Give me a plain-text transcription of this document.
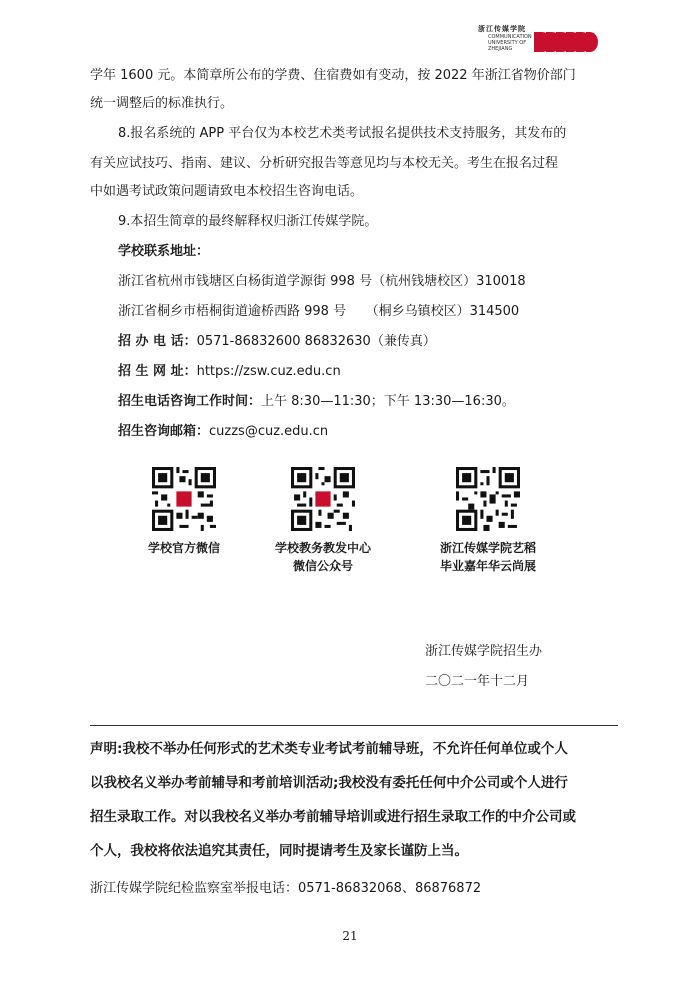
浙江传媒学院
COMMUNICATION UNIVERSITY OF ZHEJIANG
学年 1600 元。本简章所公布的学费、住宿费如有变动，按 2022 年浙江省物价部门
统一调整后的标准执行。
8.报名系统的 APP 平台仅为本校艺术类考试报名提供技术支持服务，其发布的
有关应试技巧、指南、建议、分析研究报告等意见均与本校无关。考生在报名过程
中如遇考试政策问题请致电本校招生咨询电话。
9.本招生简章的最终解释权归浙江传媒学院。
学校联系地址：
浙江省杭州市钱塘区白杨街道学源街 998 号（杭州钱塘校区）310018
浙江省桐乡市梧桐街道逾桥西路 998 号　　（桐乡乌镇校区）314500
招 办 电 话：0571-86832600 86832630（兼传真）
招 生 网 址：https://zsw.cuz.edu.cn
招生电话咨询工作时间：上午 8:30—11:30；下午 13:30—16:30。
招生咨询邮箱：cuzzs@cuz.edu.cn
学校官方微信	学校教务教发中心
微信公众号
浙江传媒学院艺稻
毕业嘉年华云尚展
浙江传媒学院招生办
二〇二一年十二月
声明:我校不举办任何形式的艺术类专业考试考前辅导班，不允许任何单位或个人
以我校名义举办考前辅导和考前培训活动;我校没有委托任何中介公司或个人进行
招生录取工作。对以我校名义举办考前辅导培训或进行招生录取工作的中介公司或
个人，我校将依法追究其责任，同时提请考生及家长谨防上当。
浙江传媒学院纪检监察室举报电话：0571-86832068、86876872
21
